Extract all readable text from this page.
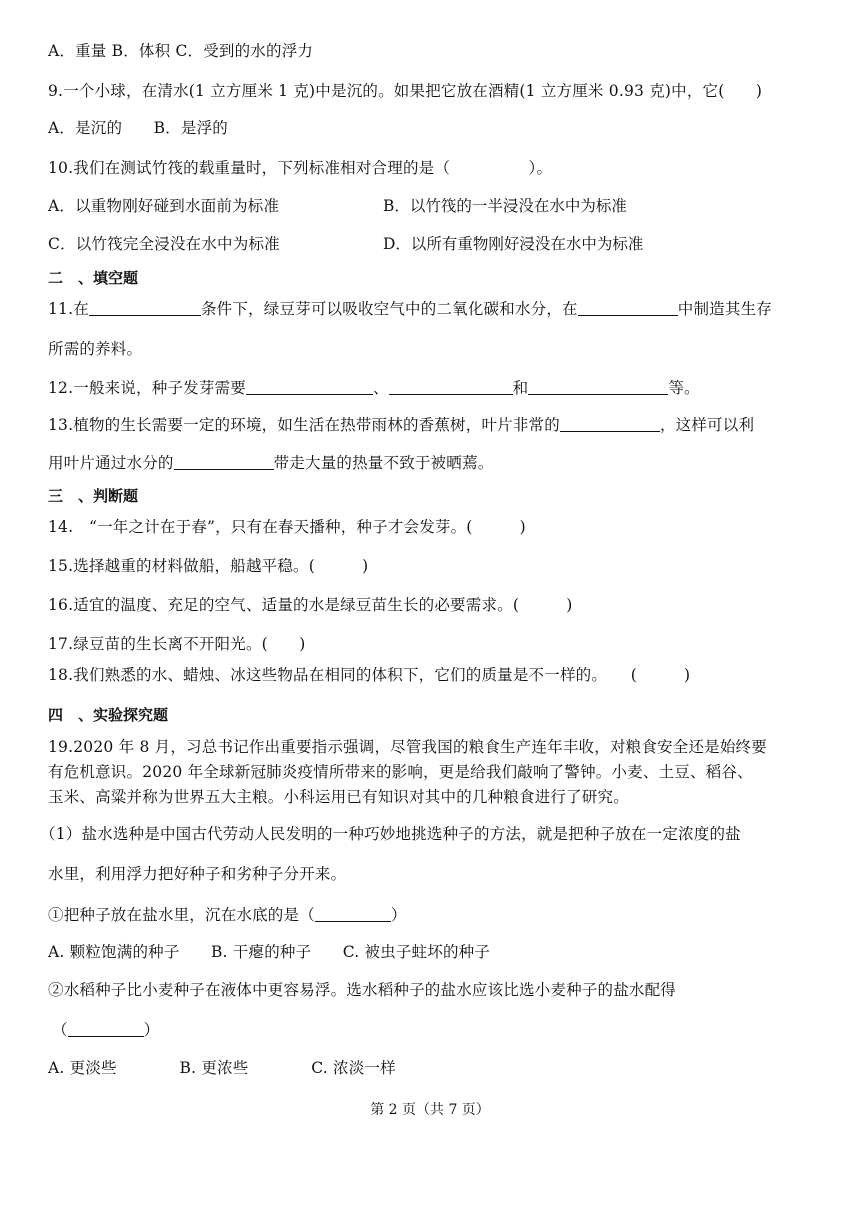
A．重量 B．体积 C．受到的水的浮力
9.一个小球，在清水(1 立方厘米 1 克)中是沉的。如果把它放在酒精(1 立方厘米 0.93 克)中，它(　　)
A．是沉的　　B．是浮的
10.我们在测试竹筏的载重量时，下列标准相对合理的是（　　　　　）。
A．以重物刚好碰到水面前为标准	B．以竹筏的一半浸没在水中为标准
C．以竹筏完全浸没在水中为标准	D．以所有重物刚好浸没在水中为标准
二　、填空题
11.在	条件下，绿豆芽可以吸收空气中的二氧化碳和水分，在	中制造其生存
所需的养料。
12.一般来说，种子发芽需要	、	和	等。
13.植物的生长需要一定的环境，如生活在热带雨林的香蕉树，叶片非常的	，这样可以利
用叶片通过水分的	带走大量的热量不致于被晒蔫。
三　、判断题
14.　“一年之计在于春”，只有在春天播种，种子才会发芽。(　　　)
15.选择越重的材料做船，船越平稳。(　　　)
16.适宜的温度、充足的空气、适量的水是绿豆苗生长的必要需求。(　　　)
17.绿豆苗的生长离不开阳光。(　　)
18.我们熟悉的水、蜡烛、冰这些物品在相同的体积下，它们的质量是不一样的。　　(　　　)
四　、实验探究题
19.2020 年 8 月，习总书记作出重要指示强调，尽管我国的粮食生产连年丰收，对粮食安全还是始终要
有危机意识。2020 年全球新冠肺炎疫情所带来的影响，更是给我们敲响了警钟。小麦、土豆、稻谷、
玉米、高粱并称为世界五大主粮。小科运用已有知识对其中的几种粮食进行了研究。
（1）盐水选种是中国古代劳动人民发明的一种巧妙地挑选种子的方法，就是把种子放在一定浓度的盐
水里，利用浮力把好种子和劣种子分开来。
①把种子放在盐水里，沉在水底的是（	）
A. 颗粒饱满的种子　　B. 干瘪的种子　　C. 被虫子蛀坏的种子
②水稻种子比小麦种子在液体中更容易浮。选水稻种子的盐水应该比选小麦种子的盐水配得
（	）
A. 更淡些　　　　B. 更浓些　　　　C. 浓淡一样
第 2 页（共 7 页）
